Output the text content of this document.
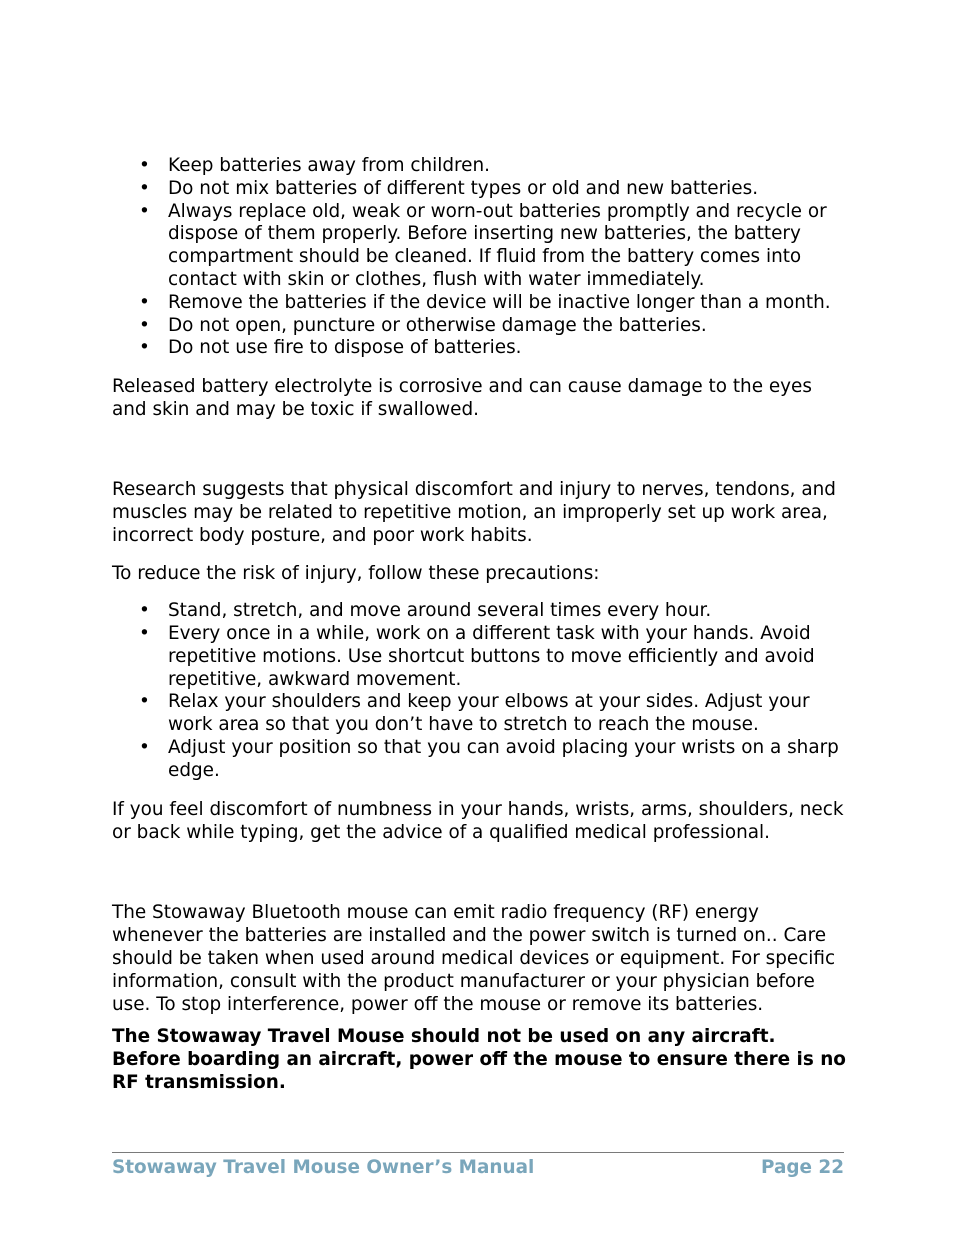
• Keep batteries away from children.
• Do not mix batteries of different types or old and new batteries.
• Always replace old, weak or worn-out batteries promptly and recycle or dispose of them properly. Before inserting new batteries, the battery compartment should be cleaned. If fluid from the battery comes into contact with skin or clothes, flush with water immediately.
• Remove the batteries if the device will be inactive longer than a month.
• Do not open, puncture or otherwise damage the batteries.
• Do not use fire to dispose of batteries.

Released battery electrolyte is corrosive and can cause damage to the eyes and skin and may be toxic if swallowed.

Research suggests that physical discomfort and injury to nerves, tendons, and muscles may be related to repetitive motion, an improperly set up work area, incorrect body posture, and poor work habits.

To reduce the risk of injury, follow these precautions:

• Stand, stretch, and move around several times every hour.
• Every once in a while, work on a different task with your hands. Avoid repetitive motions. Use shortcut buttons to move efficiently and avoid repetitive, awkward movement.
• Relax your shoulders and keep your elbows at your sides. Adjust your work area so that you don’t have to stretch to reach the mouse.
• Adjust your position so that you can avoid placing your wrists on a sharp edge.

If you feel discomfort of numbness in your hands, wrists, arms, shoulders, neck or back while typing, get the advice of a qualified medical professional.

The Stowaway Bluetooth mouse can emit radio frequency (RF) energy whenever the batteries are installed and the power switch is turned on.. Care should be taken when used around medical devices or equipment. For specific information, consult with the product manufacturer or your physician before use. To stop interference, power off the mouse or remove its batteries.

The Stowaway Travel Mouse should not be used on any aircraft. Before boarding an aircraft, power off the mouse to ensure there is no RF transmission.

Stowaway Travel Mouse Owner’s Manual	Page 22
